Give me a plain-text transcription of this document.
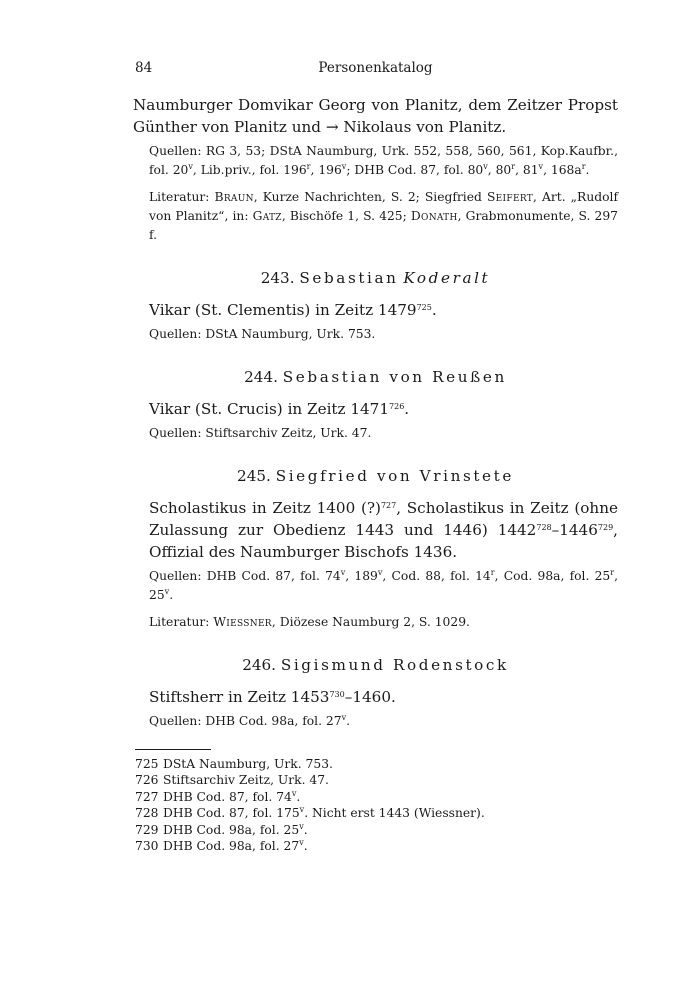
84	Personenkatalog

Naumburger Domvikar Georg von Planitz, dem Zeitzer Propst Günther von Planitz und → Nikolaus von Planitz.

Quellen: RG 3, 53; DStA Naumburg, Urk. 552, 558, 560, 561, Kop.Kaufbr., fol. 20$^v$, Lib.priv., fol. 196$^r$, 196$^v$; DHB Cod. 87, fol. 80$^v$, 80$^r$, 81$^v$, $168a^r$.

Literatur: Braun, Kurze Nachrichten, S. 2; Siegfried Seifert, Art. „Rudolf von Planitz“, in: Gatz, Bischöfe 1, S. 425; Donath, Grabmonumente, S. 297 f.

243. Sebastian Koderalt

Vikar (St. Clementis) in Zeitz 1479$^{725}$.

Quellen: DStA Naumburg, Urk. 753.

244. Sebastian von Reußen

Vikar (St. Crucis) in Zeitz 1471$^{726}$.

Quellen: Stiftsarchiv Zeitz, Urk. 47.

245. Siegfried von Vrinstete

Scholastikus in Zeitz 1400 (?)$^{727}$, Scholastikus in Zeitz (ohne Zulassung zur Obedienz 1443 und 1446) 1442$^{728}$–1446$^{729}$, Offizial des Naumburger Bischofs 1436.

Quellen: DHB Cod. 87, fol. 74$^v$, 189$^v$, Cod. 88, fol. 14$^r$, Cod. 98a, fol. 25$^r$, 25$^v$.

Literatur: Wiessner, Diözese Naumburg 2, S. 1029.

246. Sigismund Rodenstock

Stiftsherr in Zeitz 1453$^{730}$–1460.

Quellen: DHB Cod. 98a, fol. 27$^v$.

725 DStA Naumburg, Urk. 753.
726 Stiftsarchiv Zeitz, Urk. 47.
727 DHB Cod. 87, fol. 74$^v$.
728 DHB Cod. 87, fol. 175$^v$. Nicht erst 1443 (Wiessner).
729 DHB Cod. 98a, fol. 25$^v$.
730 DHB Cod. 98a, fol. 27$^v$.
